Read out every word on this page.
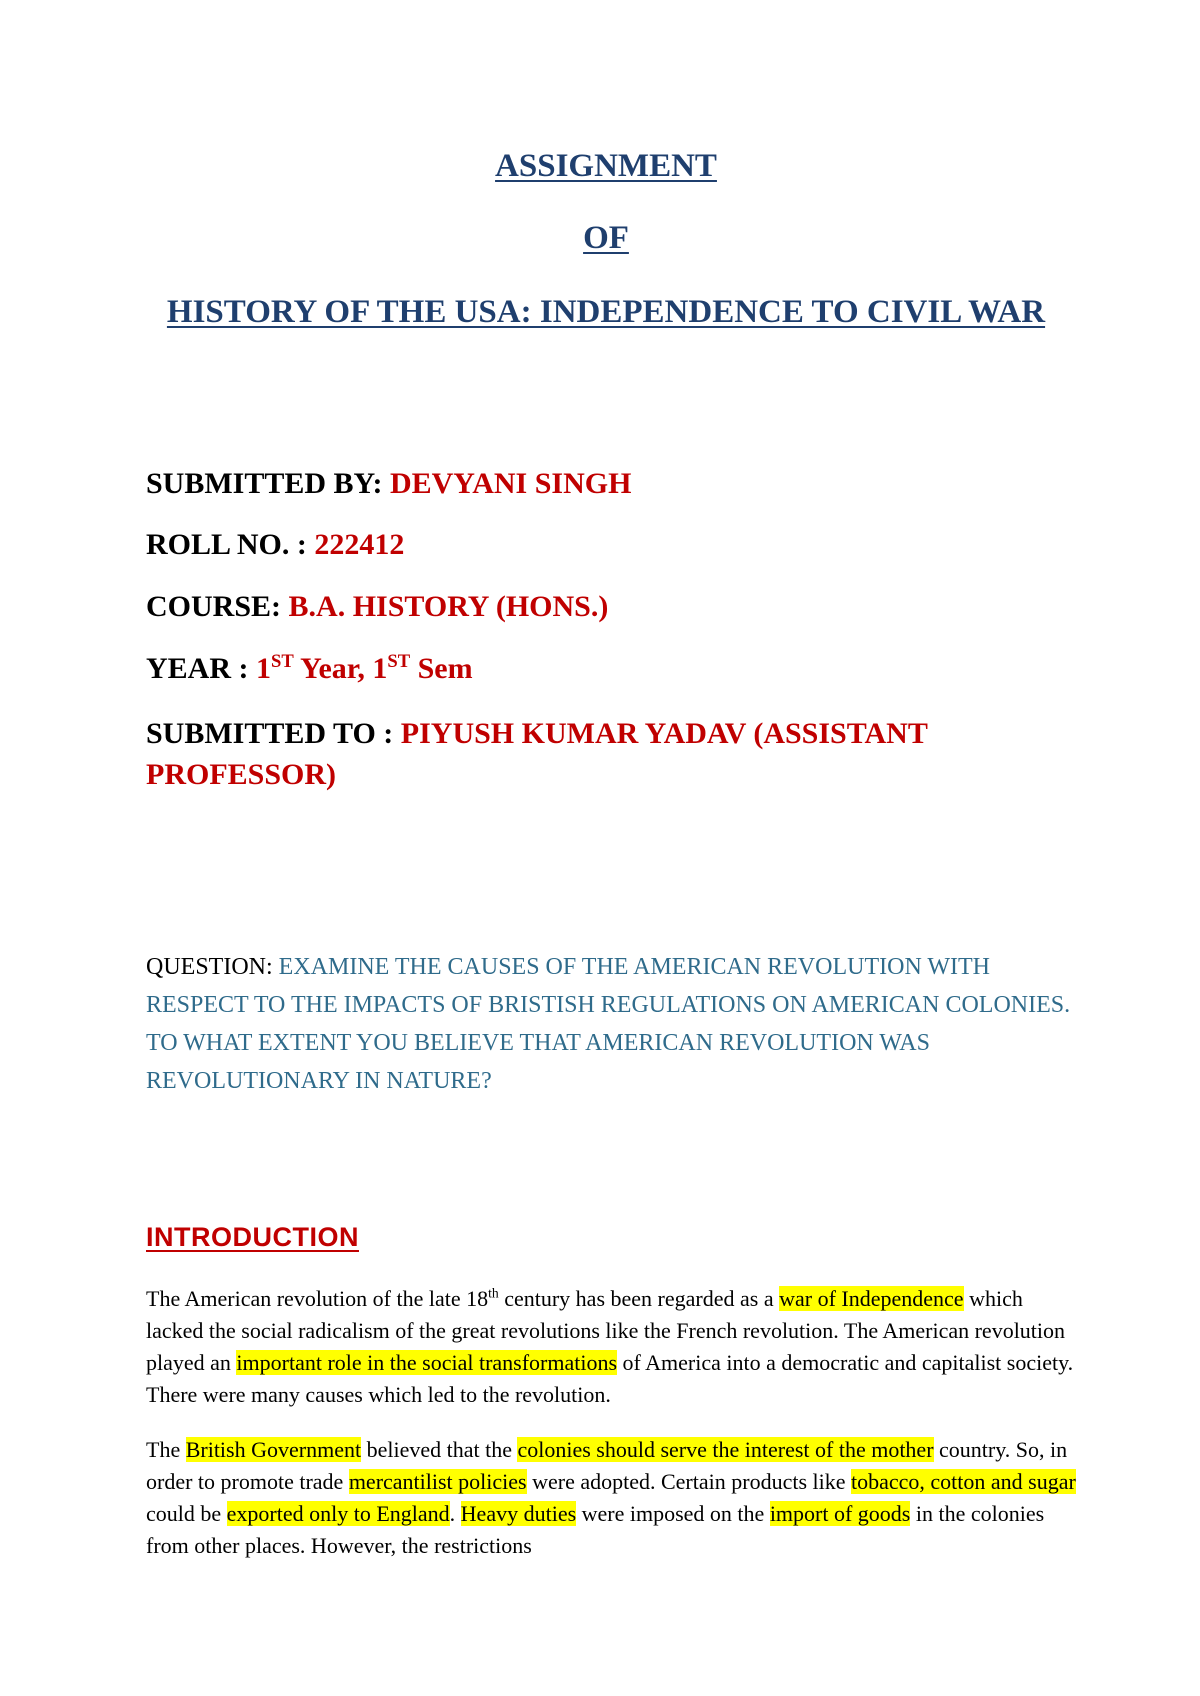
ASSIGNMENT
OF
HISTORY OF THE USA: INDEPENDENCE TO CIVIL WAR
SUBMITTED BY: DEVYANI SINGH
ROLL NO. : 222412
COURSE: B.A. HISTORY (HONS.)
YEAR : 1ST Year, 1ST Sem
SUBMITTED TO : PIYUSH KUMAR YADAV (ASSISTANT PROFESSOR)
QUESTION: EXAMINE THE CAUSES OF THE AMERICAN REVOLUTION WITH RESPECT TO THE IMPACTS OF BRISTISH REGULATIONS ON AMERICAN COLONIES. TO WHAT EXTENT YOU BELIEVE THAT AMERICAN REVOLUTION WAS REVOLUTIONARY IN NATURE?
INTRODUCTION
The American revolution of the late 18th century has been regarded as a war of Independence which lacked the social radicalism of the great revolutions like the French revolution. The American revolution played an important role in the social transformations of America into a democratic and capitalist society. There were many causes which led to the revolution.
The British Government believed that the colonies should serve the interest of the mother country. So, in order to promote trade mercantilist policies were adopted. Certain products like tobacco, cotton and sugar could be exported only to England. Heavy duties were imposed on the import of goods in the colonies from other places. However, the restrictions
